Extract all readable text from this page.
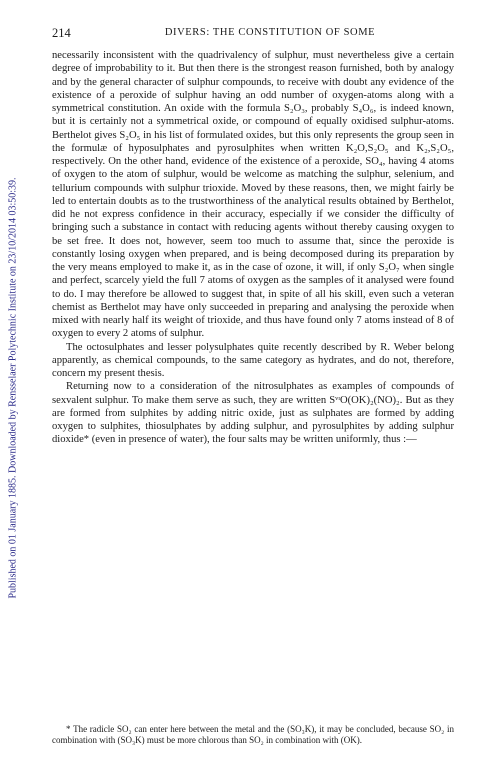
Published on 01 January 1885. Downloaded by Rensselaer Polytechnic Institute on 23/10/2014 03:50:39.
214	DIVERS: THE CONSTITUTION OF SOME

necessarily inconsistent with the quadrivalency of sulphur, must nevertheless give a certain degree of improbability to it. But then there is the strongest reason furnished, both by analogy and by the general character of sulphur compounds, to receive with doubt any evidence of the existence of a peroxide of sulphur having an odd number of oxygen-atoms along with a symmetrical constitution. An oxide with the formula S₂O₃, probably S₄O₆, is indeed known, but it is certainly not a symmetrical oxide, or compound of equally oxidised sulphur-atoms. Berthelot gives S₂O₅ in his list of formulated oxides, but this only represents the group seen in the formulæ of hyposulphates and pyrosulphites when written K₂O,S₂O₅ and K₂,S₂O₅, respectively. On the other hand, evidence of the existence of a peroxide, SO₄, having 4 atoms of oxygen to the atom of sulphur, would be welcome as matching the sulphur, selenium, and tellurium compounds with sulphur trioxide. Moved by these reasons, then, we might fairly be led to entertain doubts as to the trustworthiness of the analytical results obtained by Berthelot, did he not express confidence in their accuracy, especially if we consider the difficulty of bringing such a substance in contact with reducing agents without thereby causing oxygen to be set free. It does not, however, seem too much to assume that, since the peroxide is constantly losing oxygen when prepared, and is being decomposed during its preparation by the very means employed to make it, as in the case of ozone, it will, if only S₂O₇ when single and perfect, scarcely yield the full 7 atoms of oxygen as the samples of it analysed were found to do. I may therefore be allowed to suggest that, in spite of all his skill, even such a veteran chemist as Berthelot may have only succeeded in preparing and analysing the peroxide when mixed with nearly half its weight of trioxide, and thus have found only 7 atoms instead of 8 of oxygen to every 2 atoms of sulphur.

The octosulphates and lesser polysulphates quite recently described by R. Weber belong apparently, as chemical compounds, to the same category as hydrates, and do not, therefore, concern my present thesis.

Returning now to a consideration of the nitrosulphates as examples of compounds of sexvalent sulphur. To make them serve as such, they are written SᵛᶦO(OK)₂(NO)₂. But as they are formed from sulphites by adding nitric oxide, just as sulphates are formed by adding oxygen to sulphites, thiosulphates by adding sulphur, and pyrosulphites by adding sulphur dioxide* (even in presence of water), the four salts may be written uniformly, thus :—

* The radicle SO₂ can enter here between the metal and the (SO₃K), it may be concluded, because SO₂ in combination with (SO₃K) must be more chlorous than SO₂ in combination with (OK).
